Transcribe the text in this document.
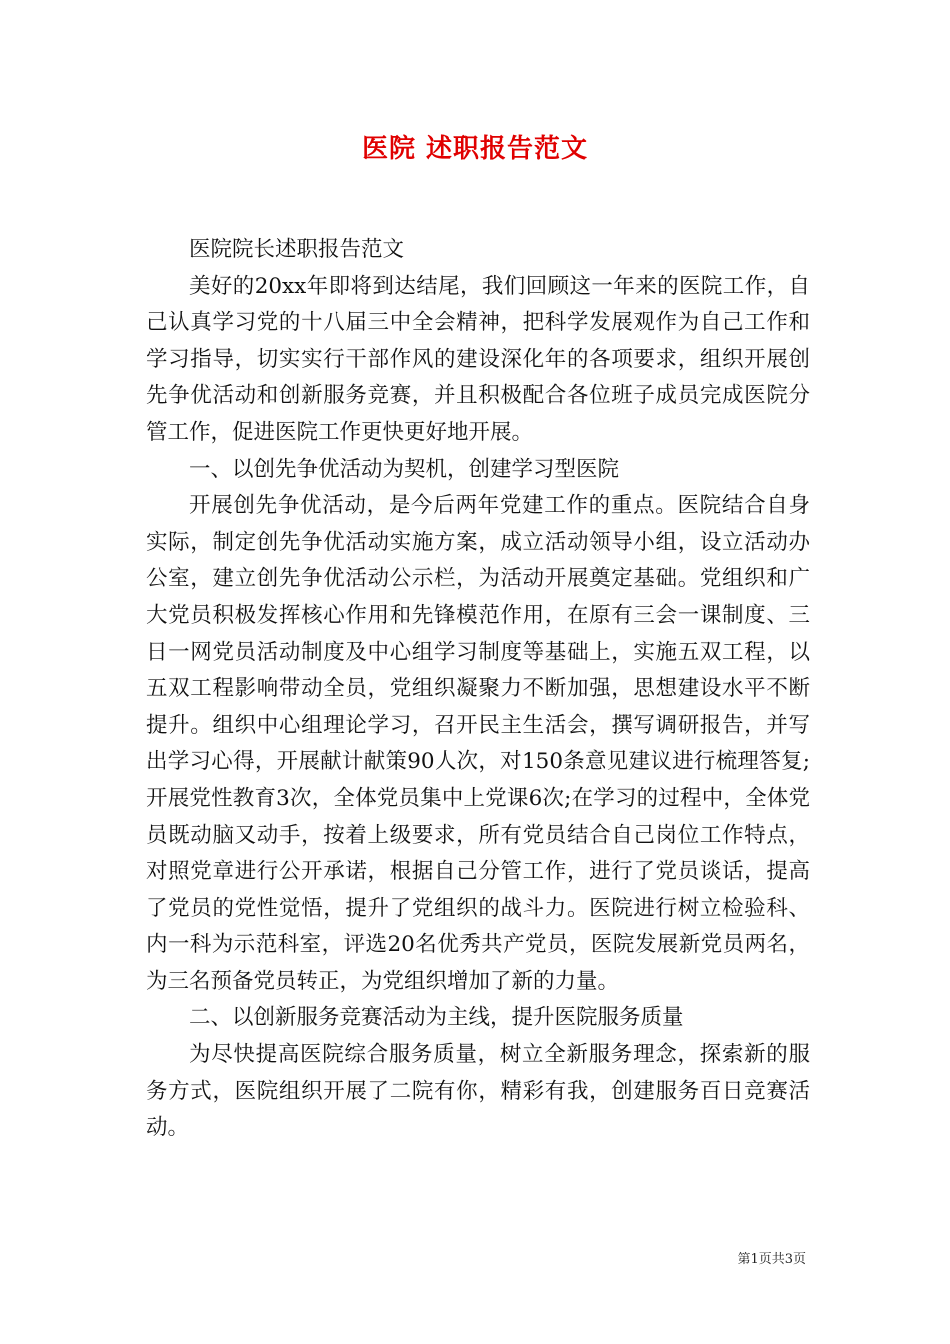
医院 述职报告范文

医院院长述职报告范文

美好的20xx年即将到达结尾，我们回顾这一年来的医院工作，自己认真学习党的十八届三中全会精神，把科学发展观作为自己工作和学习指导，切实实行干部作风的建设深化年的各项要求，组织开展创先争优活动和创新服务竞赛，并且积极配合各位班子成员完成医院分管工作，促进医院工作更快更好地开展。

一、以创先争优活动为契机，创建学习型医院

开展创先争优活动，是今后两年党建工作的重点。医院结合自身实际，制定创先争优活动实施方案，成立活动领导小组，设立活动办公室，建立创先争优活动公示栏，为活动开展奠定基础。党组织和广大党员积极发挥核心作用和先锋模范作用，在原有三会一课制度、三日一网党员活动制度及中心组学习制度等基础上，实施五双工程，以五双工程影响带动全员，党组织凝聚力不断加强，思想建设水平不断提升。组织中心组理论学习，召开民主生活会，撰写调研报告，并写出学习心得，开展献计献策90人次，对150条意见建议进行梳理答复;开展党性教育3次，全体党员集中上党课6次;在学习的过程中，全体党员既动脑又动手，按着上级要求，所有党员结合自己岗位工作特点，对照党章进行公开承诺，根据自己分管工作，进行了党员谈话，提高了党员的党性觉悟，提升了党组织的战斗力。医院进行树立检验科、内一科为示范科室，评选20名优秀共产党员，医院发展新党员两名，为三名预备党员转正，为党组织增加了新的力量。

二、以创新服务竞赛活动为主线，提升医院服务质量

为尽快提高医院综合服务质量，树立全新服务理念，探索新的服务方式，医院组织开展了二院有你，精彩有我，创建服务百日竞赛活动。

第1页共3页
